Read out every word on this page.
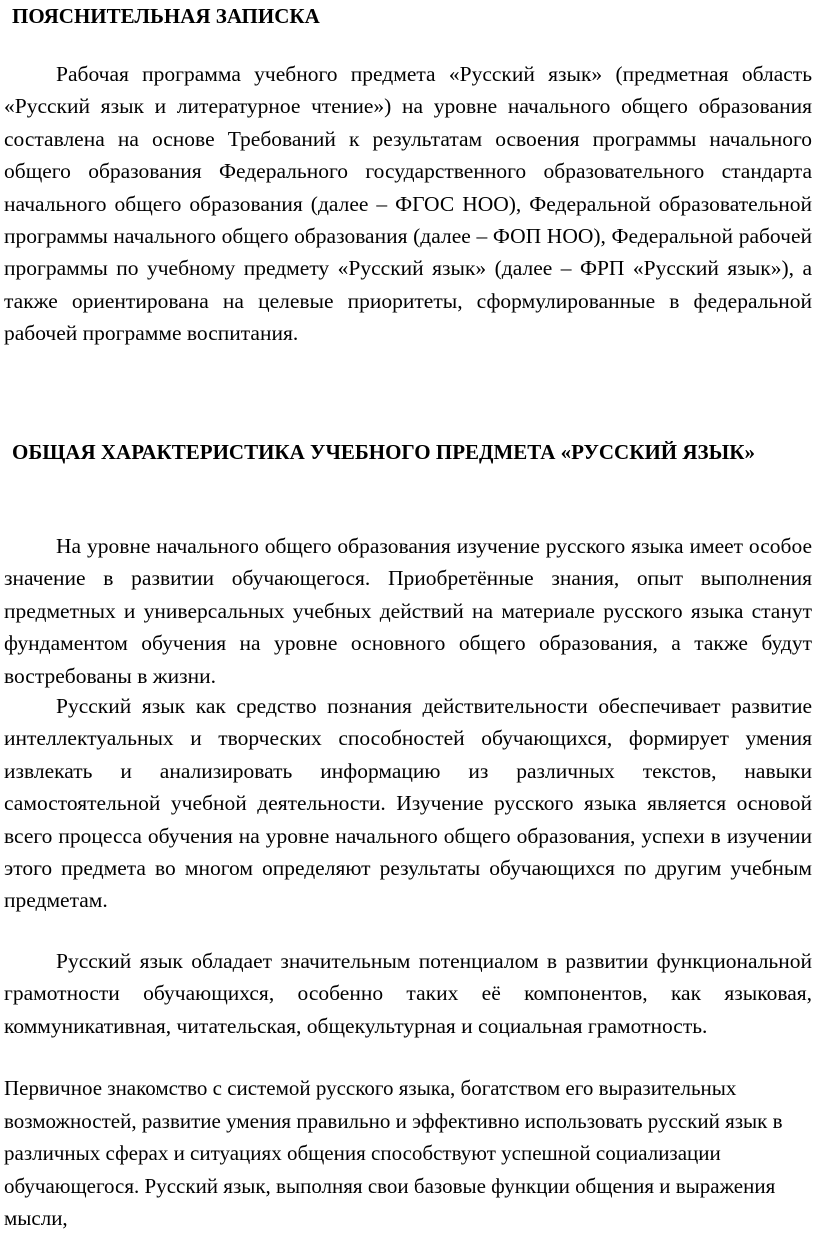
ПОЯСНИТЕЛЬНАЯ ЗАПИСКА

Рабочая программа учебного предмета «Русский язык» (предметная область «Русский язык и литературное чтение») на уровне начального общего образования составлена на основе Требований к результатам освоения программы начального общего образования Федерального государственного образовательного стандарта начального общего образования (далее – ФГОС НОО), Федеральной образовательной программы начального общего образования (далее – ФОП НОО), Федеральной рабочей программы по учебному предмету «Русский язык» (далее – ФРП «Русский язык»), а также ориентирована на целевые приоритеты, сформулированные в федеральной рабочей программе воспитания.

ОБЩАЯ ХАРАКТЕРИСТИКА УЧЕБНОГО ПРЕДМЕТА «РУССКИЙ ЯЗЫК»

На уровне начального общего образования изучение русского языка имеет особое значение в развитии обучающегося. Приобретённые знания, опыт выполнения предметных и универсальных учебных действий на материале русского языка станут фундаментом обучения на уровне основного общего образования, а также будут востребованы в жизни.

Русский язык как средство познания действительности обеспечивает развитие интеллектуальных и творческих способностей обучающихся, формирует умения извлекать и анализировать информацию из различных текстов, навыки самостоятельной учебной деятельности. Изучение русского языка является основой всего процесса обучения на уровне начального общего образования, успехи в изучении этого предмета во многом определяют результаты обучающихся по другим учебным предметам.

Русский язык обладает значительным потенциалом в развитии функциональной грамотности обучающихся, особенно таких её компонентов, как языковая, коммуникативная, читательская, общекультурная и социальная грамотность.

Первичное знакомство с системой русского языка, богатством его выразительных возможностей, развитие умения правильно и эффективно использовать русский язык в различных сферах и ситуациях общения способствуют успешной социализации обучающегося. Русский язык, выполняя свои базовые функции общения и выражения мысли,
